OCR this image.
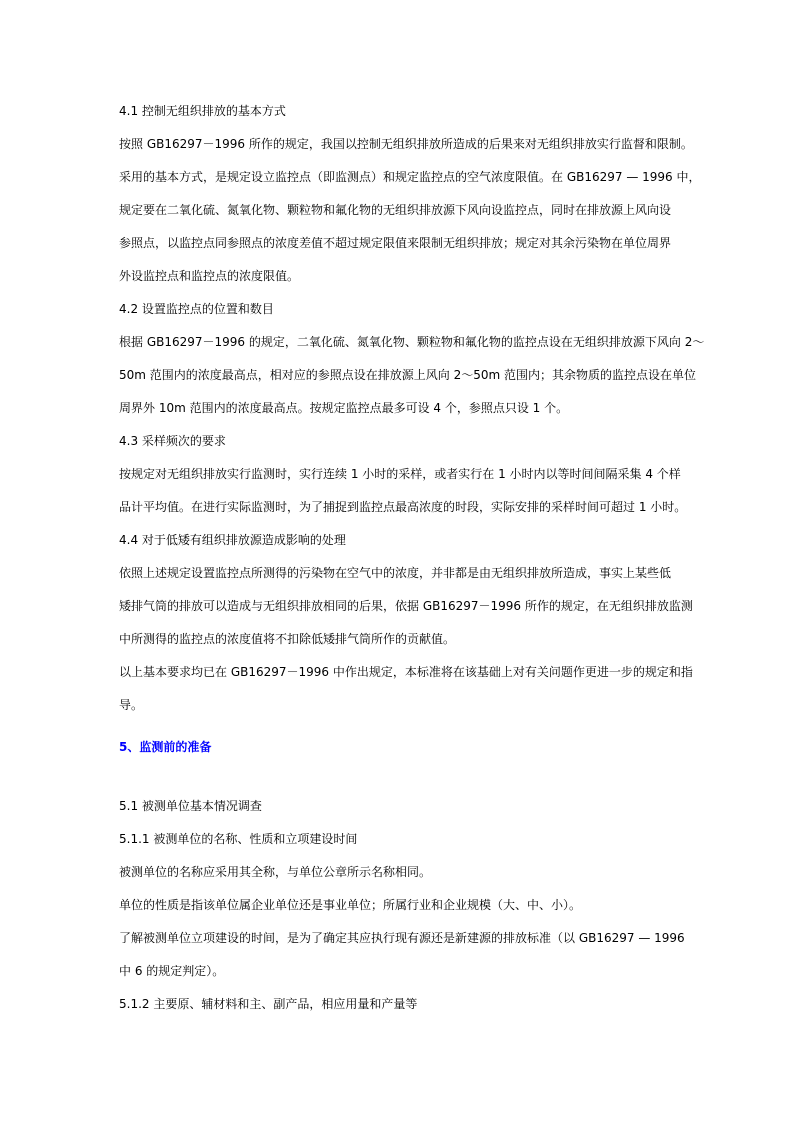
4.1 控制无组织排放的基本方式
按照 GB16297－1996 所作的规定，我国以控制无组织排放所造成的后果来对无组织排放实行监督和限制。
采用的基本方式，是规定设立监控点（即监测点）和规定监控点的空气浓度限值。在 GB16297 — 1996 中，
规定要在二氧化硫、氮氧化物、颗粒物和氟化物的无组织排放源下风向设监控点，同时在排放源上风向设
参照点，以监控点同参照点的浓度差值不超过规定限值来限制无组织排放；规定对其余污染物在单位周界
外设监控点和监控点的浓度限值。
4.2 设置监控点的位置和数目
根据 GB16297－1996 的规定，二氧化硫、氮氧化物、颗粒物和氟化物的监控点设在无组织排放源下风向 2～
50m 范围内的浓度最高点，相对应的参照点设在排放源上风向 2～50m 范围内；其余物质的监控点设在单位
周界外 10m 范围内的浓度最高点。按规定监控点最多可设 4 个，参照点只设 1 个。
4.3 采样频次的要求
按规定对无组织排放实行监测时，实行连续 1 小时的采样，或者实行在 1 小时内以等时间间隔采集 4 个样
品计平均值。在进行实际监测时，为了捕捉到监控点最高浓度的时段，实际安排的采样时间可超过 1 小时。
4.4 对于低矮有组织排放源造成影响的处理
依照上述规定设置监控点所测得的污染物在空气中的浓度，并非都是由无组织排放所造成，事实上某些低
矮排气筒的排放可以造成与无组织排放相同的后果，依据 GB16297－1996 所作的规定，在无组织排放监测
中所测得的监控点的浓度值将不扣除低矮排气筒所作的贡献值。
以上基本要求均已在 GB16297－1996 中作出规定，本标准将在该基础上对有关问题作更进一步的规定和指
导。
5、监测前的准备
5.1 被测单位基本情况调查
5.1.1 被测单位的名称、性质和立项建设时间
被测单位的名称应采用其全称，与单位公章所示名称相同。
单位的性质是指该单位属企业单位还是事业单位；所属行业和企业规模（大、中、小）。
了解被测单位立项建设的时间，是为了确定其应执行现有源还是新建源的排放标准（以 GB16297 — 1996
中 6 的规定判定）。
5.1.2 主要原、辅材料和主、副产品，相应用量和产量等
